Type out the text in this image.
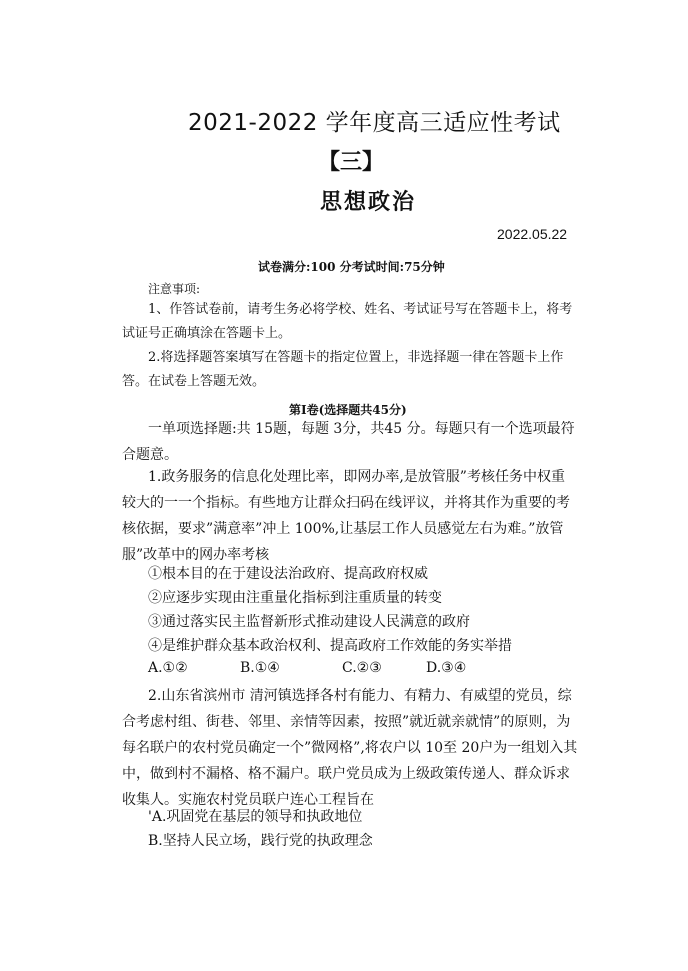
2021-2022 学年度高三适应性考试
【三】
思想政治
2022.05.22
试卷满分:100 分考试时间:75分钟
注意事项:
1、作答试卷前，请考生务必将学校、姓名、考试证号写在答题卡上，将考试证号正确填涂在答题卡上。
2.将选择题答案填写在答题卡的指定位置上，非选择题一律在答题卡上作答。在试卷上答题无效。
第Ⅰ卷(选择题共45分)
一单项选择题:共 15题，每题 3分，共45 分。每题只有一个选项最符合题意。
1.政务服务的信息化处理比率，即网办率,是放管服”考核任务中权重较大的一一个指标。有些地方让群众扫码在线评议，并将其作为重要的考核依据，要求”满意率”冲上 100%,让基层工作人员感觉左右为难。”放管服”改革中的网办率考核
①根本目的在于建设法治政府、提高政府权威
②应逐步实现由注重量化指标到注重质量的转变
③通过落实民主监督新形式推动建设人民满意的政府
④是维护群众基本政治权利、提高政府工作效能的务实举措
A.①②	B.①④	C.②③	D.③④
2.山东省滨州市 清河镇选择各村有能力、有精力、有威望的党员，综合考虑村组、街巷、邻里、亲情等因素，按照”就近就亲就情”的原则，为每名联户的农村党员确定一个”微网格”,将农户以 10至 20户为一组划入其中，做到村不漏格、格不漏户。联户党员成为上级政策传递人、群众诉求收集人。实施农村党员联户连心工程旨在
'A.巩固党在基层的领导和执政地位
B.坚持人民立场，践行党的执政理念
